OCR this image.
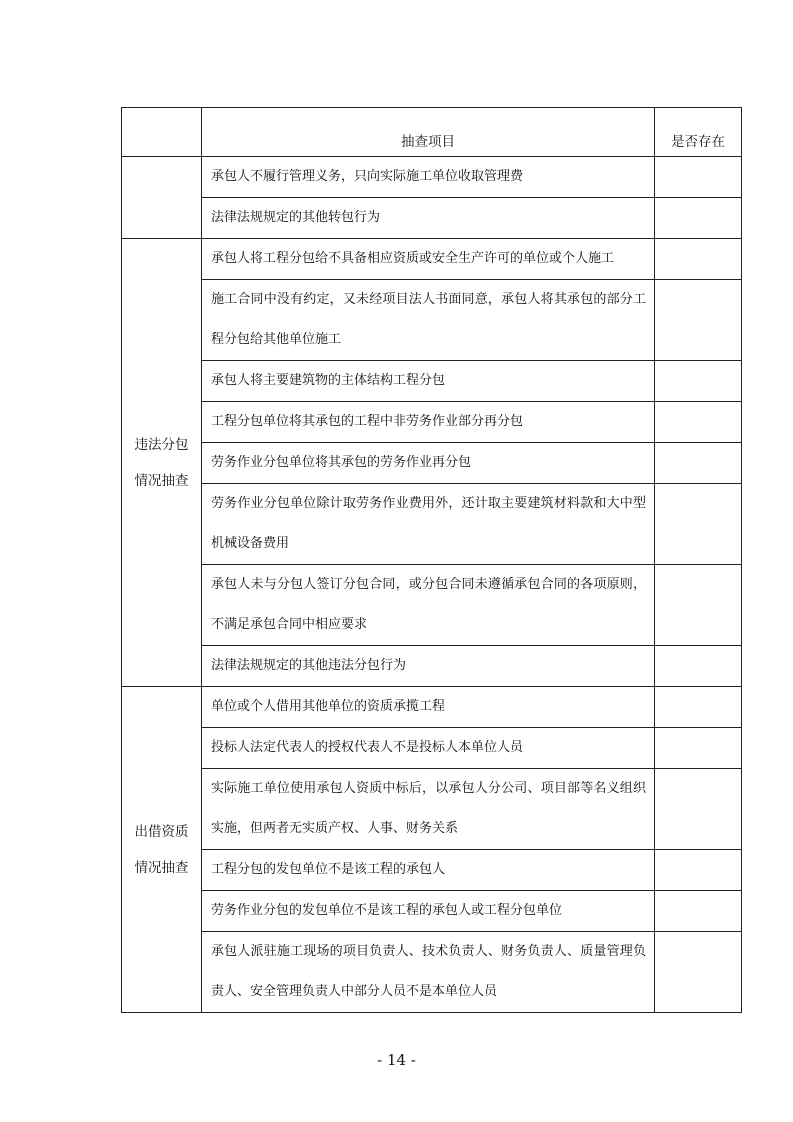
	抽查项目	是否存在
	承包人不履行管理义务，只向实际施工单位收取管理费	
	法律法规规定的其他转包行为	

违法分包
情况抽查	承包人将工程分包给不具备相应资质或安全生产许可的单位或个人施工	
	施工合同中没有约定，又未经项目法人书面同意，承包人将其承包的部分工程分包给其他单位施工	
	承包人将主要建筑物的主体结构工程分包	
	工程分包单位将其承包的工程中非劳务作业部分再分包	
	劳务作业分包单位将其承包的劳务作业再分包	
	劳务作业分包单位除计取劳务作业费用外，还计取主要建筑材料款和大中型机械设备费用	
	承包人未与分包人签订分包合同，或分包合同未遵循承包合同的各项原则，不满足承包合同中相应要求	
	法律法规规定的其他违法分包行为	

出借资质
情况抽查	单位或个人借用其他单位的资质承揽工程	
	投标人法定代表人的授权代表人不是投标人本单位人员	
	实际施工单位使用承包人资质中标后，以承包人分公司、项目部等名义组织实施，但两者无实质产权、人事、财务关系	
	工程分包的发包单位不是该工程的承包人	
	劳务作业分包的发包单位不是该工程的承包人或工程分包单位	
	承包人派驻施工现场的项目负责人、技术负责人、财务负责人、质量管理负责人、安全管理负责人中部分人员不是本单位人员	
- 14 -
